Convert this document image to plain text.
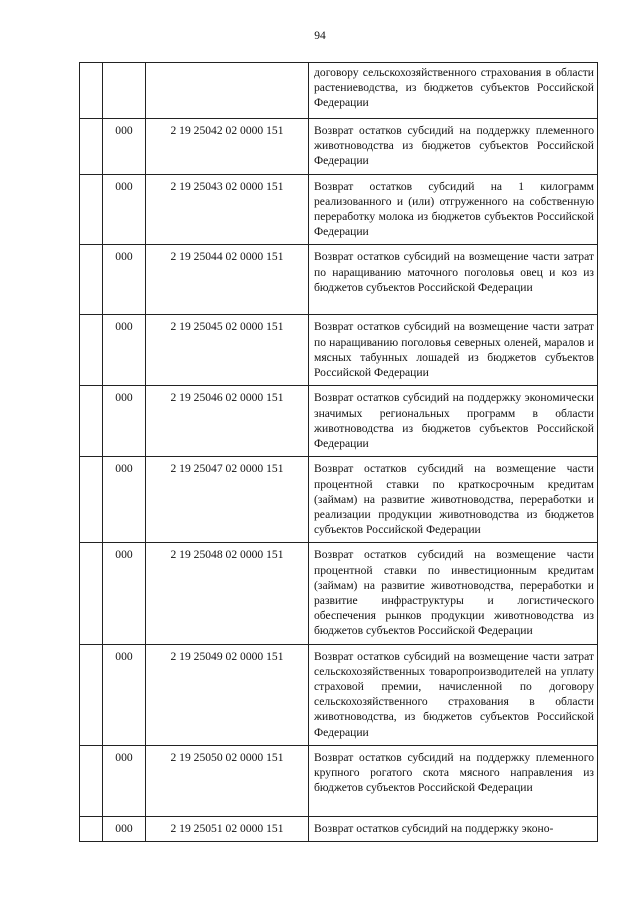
94

			договору сельскохозяйственного страхования в области растениеводства, из бюджетов субъектов Российской Федерации

	000	2 19 25042 02 0000 151	Возврат остатков субсидий на поддержку племенного животноводства из бюджетов субъектов Российской Федерации

	000	2 19 25043 02 0000 151	Возврат остатков субсидий на 1 килограмм реализованного и (или) отгруженного на собственную переработку молока из бюджетов субъектов Российской Федерации

	000	2 19 25044 02 0000 151	Возврат остатков субсидий на возмещение части затрат по наращиванию маточного поголовья овец и коз из бюджетов субъектов Российской Федерации

	000	2 19 25045 02 0000 151	Возврат остатков субсидий на возмещение части затрат по наращиванию поголовья северных оленей, маралов и мясных табунных лошадей из бюджетов субъектов Российской Федерации

	000	2 19 25046 02 0000 151	Возврат остатков субсидий на поддержку экономически значимых региональных программ в области животноводства из бюджетов субъектов Российской Федерации

	000	2 19 25047 02 0000 151	Возврат остатков субсидий на возмещение части процентной ставки по краткосрочным кредитам (займам) на развитие животноводства, переработки и реализации продукции животноводства из бюджетов субъектов Российской Федерации

	000	2 19 25048 02 0000 151	Возврат остатков субсидий на возмещение части процентной ставки по инвестиционным кредитам (займам) на развитие животноводства, переработки и развитие инфраструктуры и логистического обеспечения рынков продукции животноводства из бюджетов субъектов Российской Федерации

	000	2 19 25049 02 0000 151	Возврат остатков субсидий на возмещение части затрат сельскохозяйственных товаропроизводителей на уплату страховой премии, начисленной по договору сельскохозяйственного страхования в области животноводства, из бюджетов субъектов Российской Федерации

	000	2 19 25050 02 0000 151	Возврат остатков субсидий на поддержку племенного крупного рогатого скота мясного направления из бюджетов субъектов Российской Федерации

	000	2 19 25051 02 0000 151	Возврат остатков субсидий на поддержку эконо-
